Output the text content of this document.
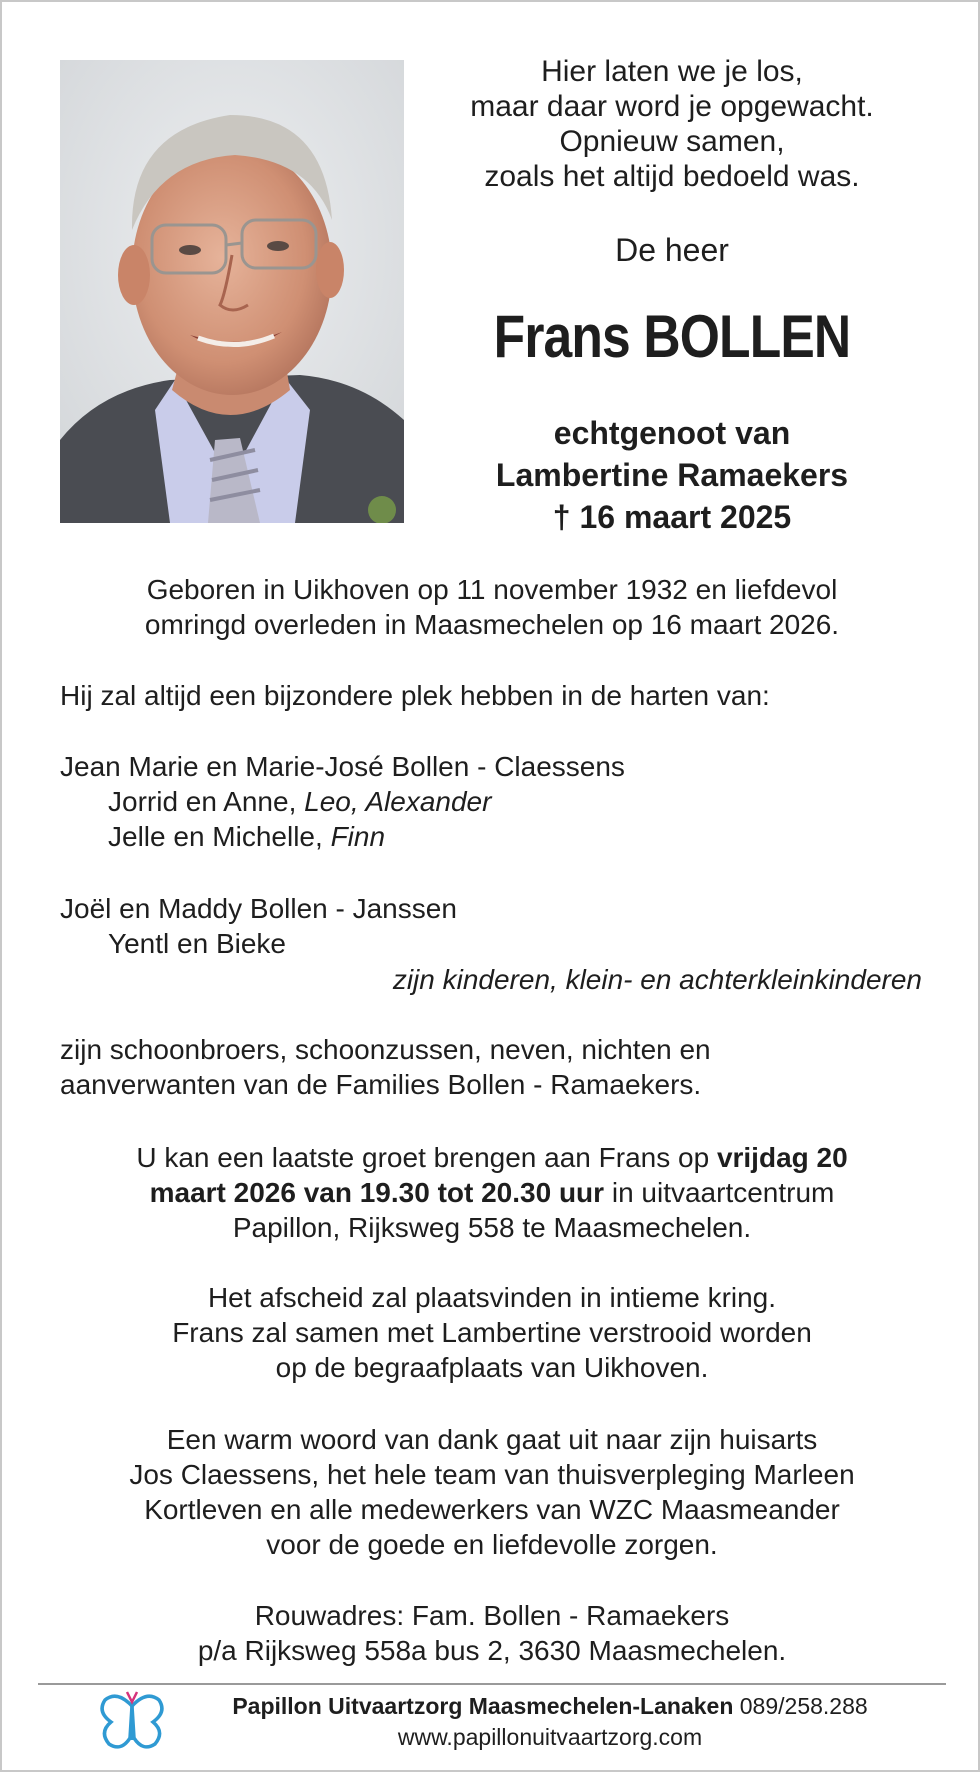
Hier laten we je los,
maar daar word je opgewacht.
Opnieuw samen,
zoals het altijd bedoeld was.
De heer
Frans BOLLEN
echtgenoot van
Lambertine Ramaekers
† 16 maart 2025
Geboren in Uikhoven op 11 november 1932 en liefdevol
omringd overleden in Maasmechelen op 16 maart 2026.
Hij zal altijd een bijzondere plek hebben in de harten van:
Jean Marie en Marie-José Bollen - Claessens
Jorrid en Anne, Leo, Alexander
Jelle en Michelle, Finn
Joël en Maddy Bollen - Janssen
Yentl en Bieke
zijn kinderen, klein- en achterkleinkinderen
zijn schoonbroers, schoonzussen, neven, nichten en
aanverwanten van de Families Bollen - Ramaekers.
U kan een laatste groet brengen aan Frans op vrijdag 20
maart 2026 van 19.30 tot 20.30 uur in uitvaartcentrum
Papillon, Rijksweg 558 te Maasmechelen.
Het afscheid zal plaatsvinden in intieme kring.
Frans zal samen met Lambertine verstrooid worden
op de begraafplaats van Uikhoven.
Een warm woord van dank gaat uit naar zijn huisarts
Jos Claessens, het hele team van thuisverpleging Marleen
Kortleven en alle medewerkers van WZC Maasmeander
voor de goede en liefdevolle zorgen.
Rouwadres: Fam. Bollen - Ramaekers
p/a Rijksweg 558a bus 2, 3630 Maasmechelen.
Papillon Uitvaartzorg Maasmechelen-Lanaken 089/258.288
www.papillonuitvaartzorg.com
